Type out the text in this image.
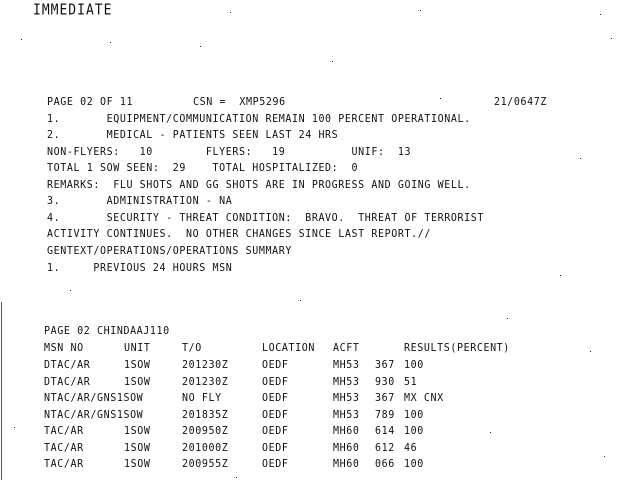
IMMEDIATE
PAGE 02 OF 11	CSN =  XMP5296	21/0647Z
1.       EQUIPMENT/COMMUNICATION REMAIN 100 PERCENT OPERATIONAL.
2.       MEDICAL - PATIENTS SEEN LAST 24 HRS
NON-FLYERS:   10        FLYERS:   19          UNIF:  13
TOTAL 1 SOW SEEN:  29    TOTAL HOSPITALIZED:  0
REMARKS:  FLU SHOTS AND GG SHOTS ARE IN PROGRESS AND GOING WELL.
3.       ADMINISTRATION - NA
4.       SECURITY - THREAT CONDITION:  BRAVO.  THREAT OF TERRORIST
ACTIVITY CONTINUES.  NO OTHER CHANGES SINCE LAST REPORT.//
GENTEXT/OPERATIONS/OPERATIONS SUMMARY
1.     PREVIOUS 24 HOURS MSN
PAGE 02 CHINDAAJ110
MSN NO	UNIT	T/O	LOCATION ACFT	RESULTS(PERCENT)
DTAC/AR	1SOW	201230Z	OEDF	MH53 367 100
DTAC/AR	1SOW	201230Z	OEDF	MH53 930 51
NTAC/AR/GNS1SOW	NO FLY	OEDF	MH53 367 MX CNX
NTAC/AR/GNS1SOW	201835Z	OEDF	MH53 789 100
TAC/AR	1SOW	200950Z	OEDF	MH60 614 100
TAC/AR	1SOW	201000Z	OEDF	MH60 612 46
TAC/AR	1SOW	200955Z	OEDF	MH60 066 100
